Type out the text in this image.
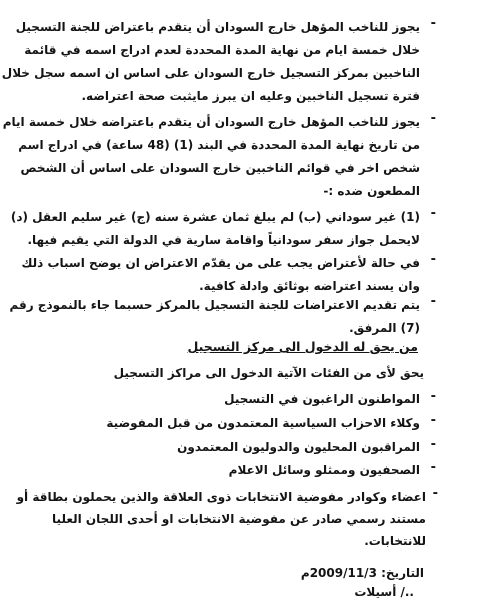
-
يجوز للناخب المؤهل خارج السودان أن يتقدم باعتراض للجنة التسجيل
خلال خمسة ايام من نهاية المدة المحددة لعدم ادراج اسمه في قائمة
الناخبين بمركز التسجيل خارج السودان على اساس ان اسمه سجل خلال
فترة تسجيل الناخبين وعليه ان يبرز مايثبت صحة اعتراضه.
-
يجوز للناخب المؤهل خارج السودان أن يتقدم باعتراضه خلال خمسة ايام
من تاريخ نهاية المدة المحددة في البند (1) (48 ساعة) في ادراج اسم
شخص اخر في قوائم الناخبين خارج السودان على اساس أن الشخص
المطعون ضده :-
-
(1) غير سوداني (ب) لم يبلغ ثمان عشرة سنه (ج) غير سليم العقل (د)
لايحمل جواز سفر سودانياً واقامة سارية في الدولة التي يقيم فيها.
-
في حالة لأعتراض يجب على من يقدّم الاعتراض ان يوضح اسباب ذلك
وان يسند اعتراضه بوثائق وادلة كافية.
-
يتم تقديم الاعتراضات للجنة التسجيل بالمركز حسبما جاء بالنموذج رقم
(7) المرفق.
من يحق له الدخول الى مركز التسجيل
يحق لأى من الفئات الآتية الدخول الى مراكز التسجيل
-
المواطنون الراغبون في التسجيل
-
وكلاء الاحزاب السياسية المعتمدون من قبل المفوضية
-
المراقبون المحليون والدوليون المعتمدون
-
الصحفيون وممثلو وسائل الاعلام
-
اعضاء وكوادر مفوضية الانتخابات ذوى العلاقة والذين يحملون بطاقة أو
مستند رسمي صادر عن مفوضية الانتخابات او أحدى اللجان العليا
للانتخابات.
التاريخ: 2009/11/3م
../ أسيلات
